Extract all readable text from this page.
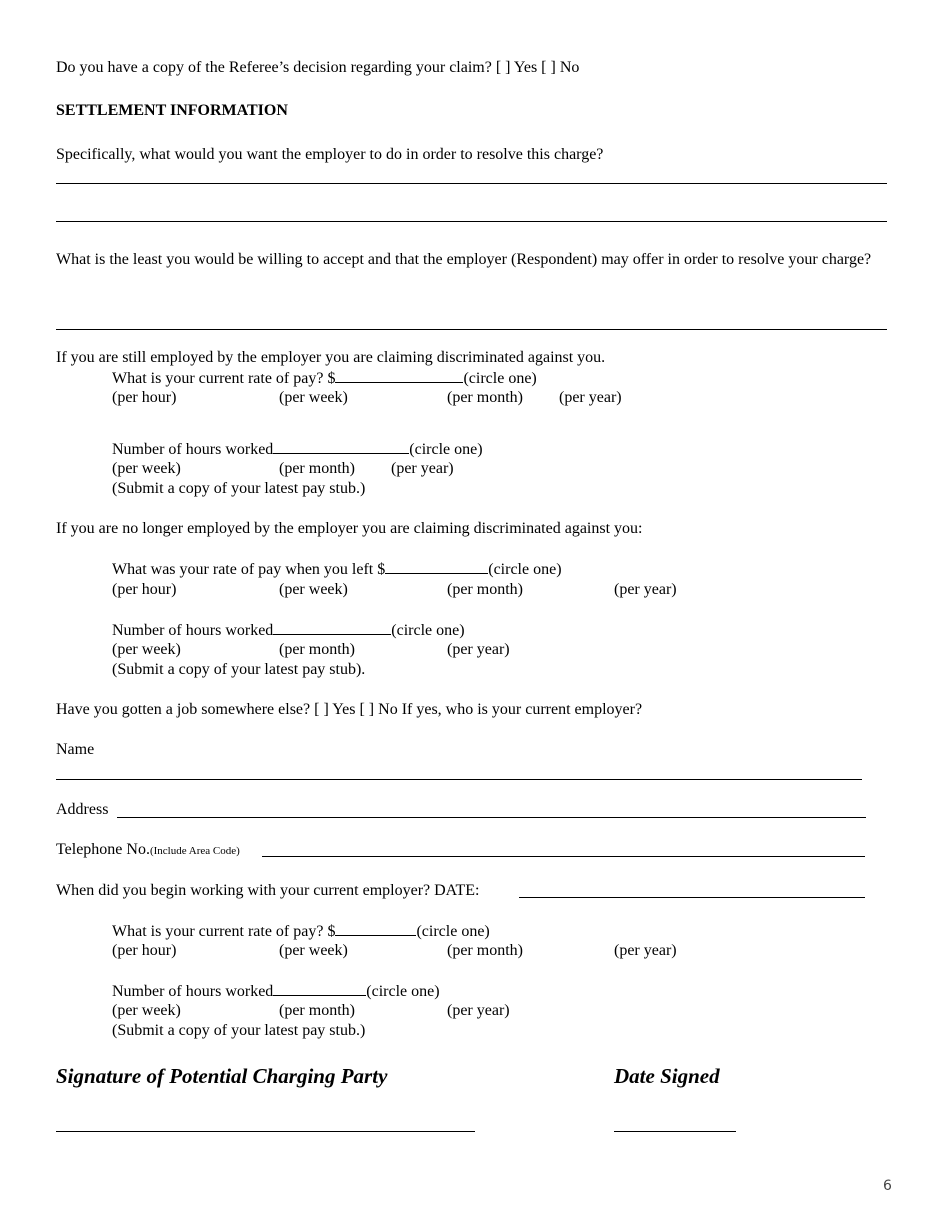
Do you have a copy of the Referee’s decision regarding your claim? [ ] Yes [ ] No
SETTLEMENT INFORMATION
Specifically, what would you want the employer to do in order to resolve this charge?
What is the least you would be willing to accept and that the employer (Respondent) may offer in order to resolve your charge?
If you are still employed by the employer you are claiming discriminated against you.
What is your current rate of pay? $	(circle one)
(per hour)	(per week)	(per month) (per year)
Number of hours worked	(circle one)
(per week)	(per month) (per year)
(Submit a copy of your latest pay stub.)
If you are no longer employed by the employer you are claiming discriminated against you:
What was your rate of pay when you left $	(circle one)
(per hour)	(per week)	(per month)	(per year)
Number of hours worked	(circle one)
(per week)	(per month)	(per year)
(Submit a copy of your latest pay stub).
Have you gotten a job somewhere else? [ ] Yes [ ] No If yes, who is your current employer?
Name
Address
Telephone No.(Include Area Code)
When did you begin working with your current employer? DATE:
What is your current rate of pay? $	(circle one)
(per hour)	(per week)	(per month)	(per year)
Number of hours worked	(circle one)
(per week)	(per month)	(per year)
(Submit a copy of your latest pay stub.)
Signature of Potential Charging Party	Date Signed
6
